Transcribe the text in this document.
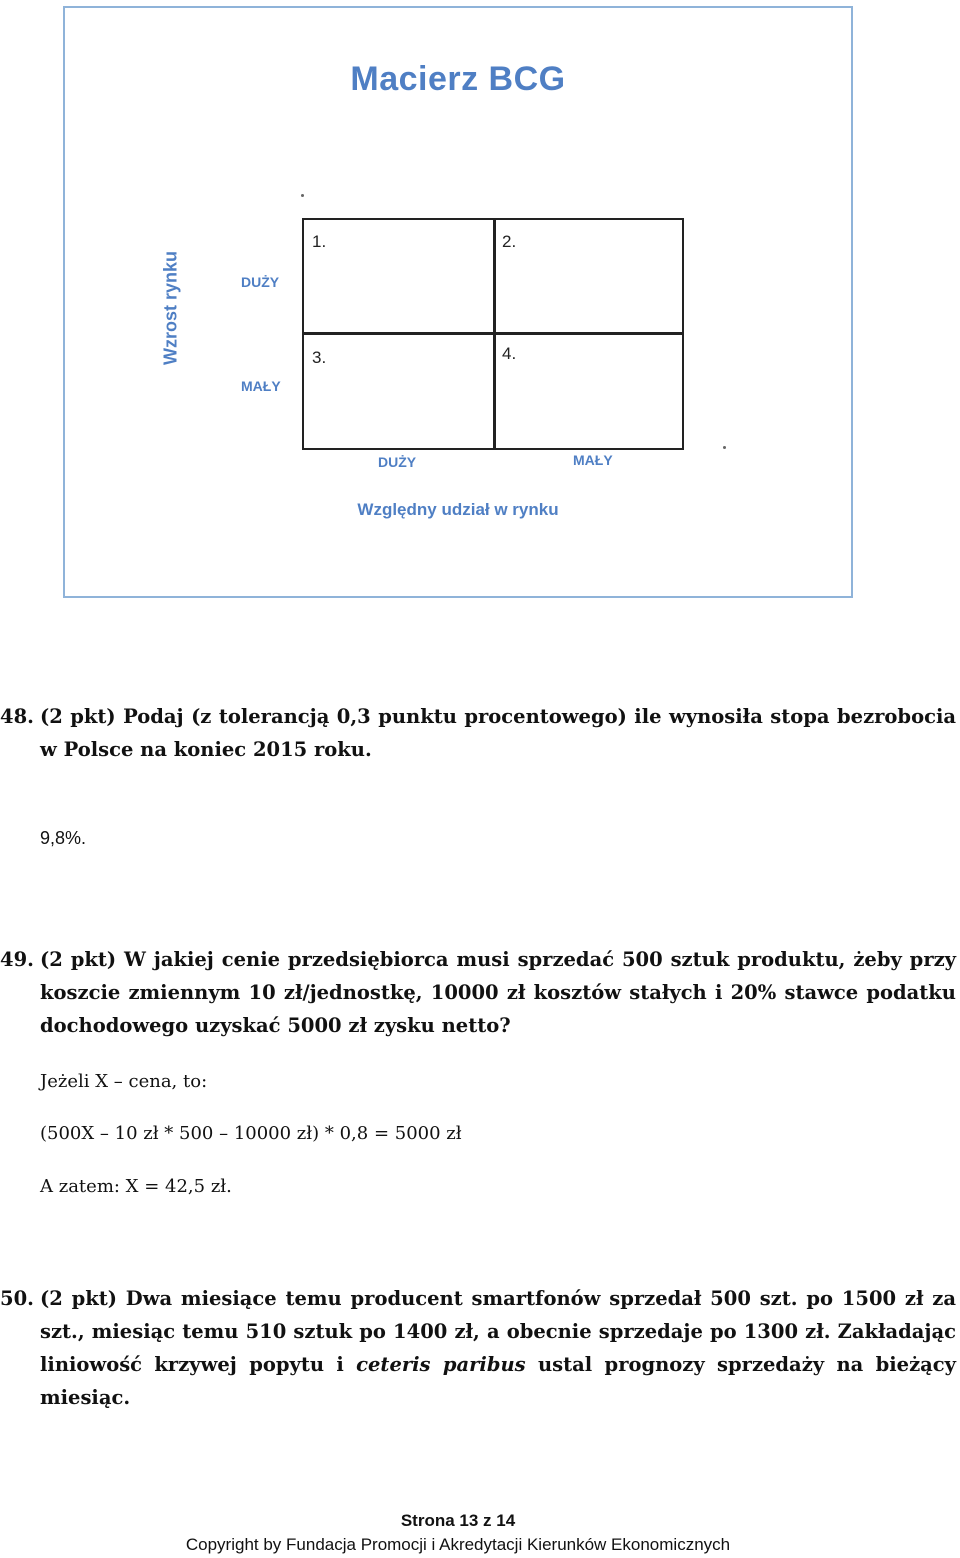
Macierz BCG
Wzrost rynku	DUŻY
MAŁY
1.	2.
3.	4.
DUŻY	MAŁY
Względny udział w rynku
48. (2 pkt) Podaj (z tolerancją 0,3 punktu procentowego) ile wynosiła stopa bezrobocia w Polsce na koniec 2015 roku.
9,8%.
49. (2 pkt) W jakiej cenie przedsiębiorca musi sprzedać 500 sztuk produktu, żeby przy koszcie zmiennym 10 zł/jednostkę, 10000 zł kosztów stałych i 20% stawce podatku dochodowego uzyskać 5000 zł zysku netto?
Jeżeli X – cena, to:
(500X – 10 zł * 500 – 10000 zł) * 0,8 = 5000 zł
A zatem: X = 42,5 zł.
50. (2 pkt) Dwa miesiące temu producent smartfonów sprzedał 500 szt. po 1500 zł za szt., miesiąc temu 510 sztuk po 1400 zł, a obecnie sprzedaje po 1300 zł. Zakładając liniowość krzywej popytu i ceteris paribus ustal prognozy sprzedaży na bieżący miesiąc.
Strona 13 z 14
Copyright by Fundacja Promocji i Akredytacji Kierunków Ekonomicznych
